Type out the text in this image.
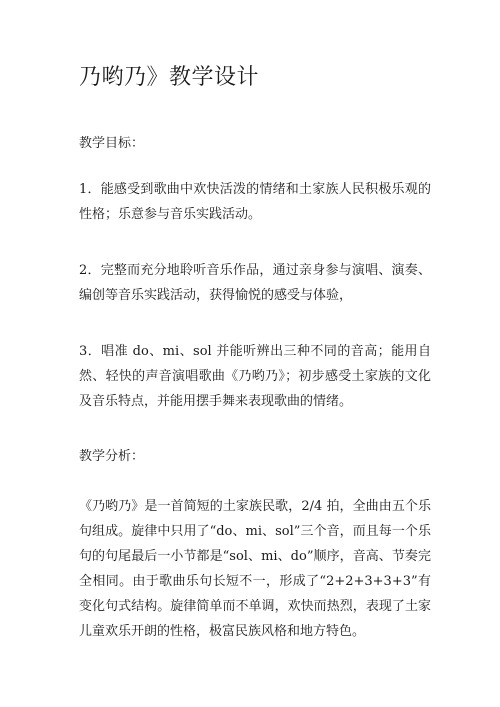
乃哟乃》教学设计

教学目标：

1．能感受到歌曲中欢快活泼的情绪和土家族人民积极乐观的性格；乐意参与音乐实践活动。

2．完整而充分地聆听音乐作品，通过亲身参与演唱、演奏、编创等音乐实践活动，获得愉悦的感受与体验，

3．唱准 do、mi、sol 并能听辨出三种不同的音高；能用自然、轻快的声音演唱歌曲《乃哟乃》；初步感受土家族的文化及音乐特点，并能用摆手舞来表现歌曲的情绪。

教学分析：

《乃哟乃》是一首简短的土家族民歌，2/4 拍，全曲由五个乐句组成。旋律中只用了“do、mi、sol”三个音，而且每一个乐句的句尾最后一小节都是“sol、mi、do”顺序，音高、节奏完全相同。由于歌曲乐句长短不一，形成了“2+2+3+3+3”有变化句式结构。旋律简单而不单调，欢快而热烈，表现了土家儿童欢乐开朗的性格，极富民族风格和地方特色。
